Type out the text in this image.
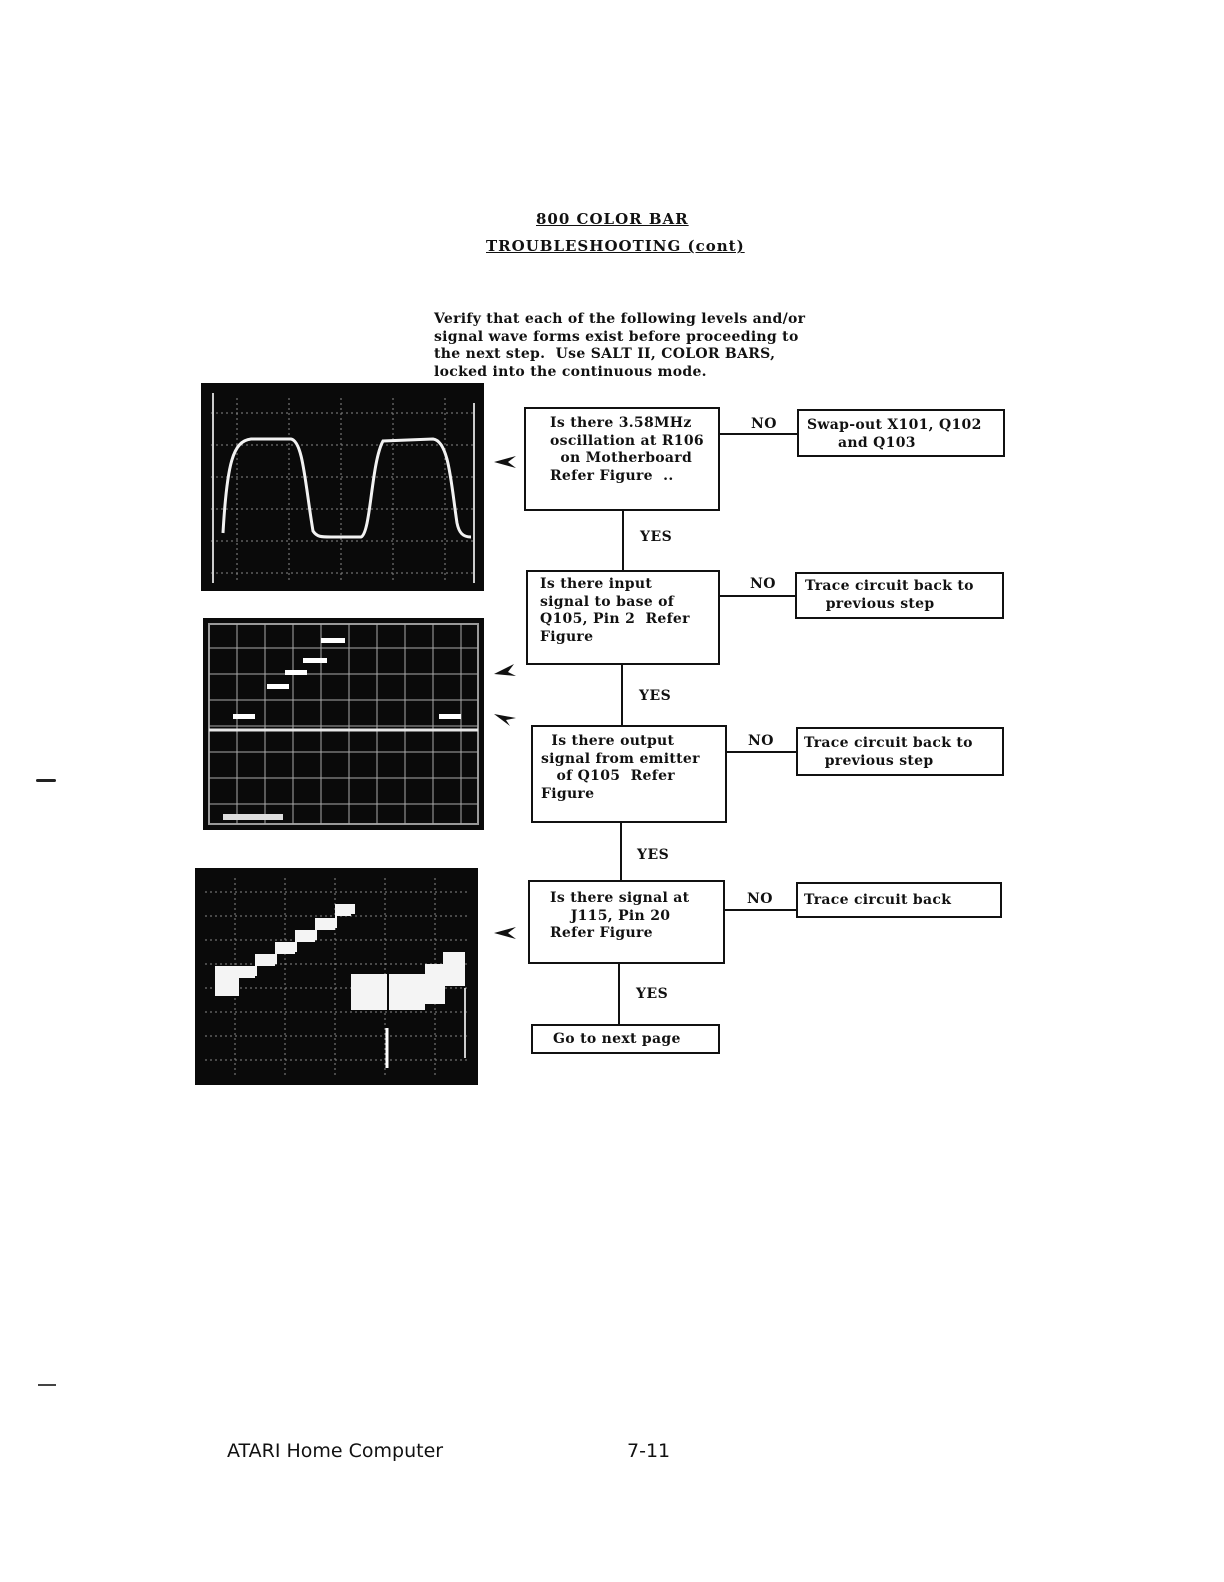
800 COLOR BAR
TROUBLESHOOTING (cont)
Verify that each of the following levels and/or
signal wave forms exist before proceeding to
the next step.  Use SALT II, COLOR BARS,
locked into the continuous mode.
Is there 3.58MHz
oscillation at R106
on Motherboard
Refer Figure  ..
NO Swap-out X101, Q102
and Q103
YES
Is there input
signal to base of
Q105, Pin 2  Refer
Figure
NO Trace circuit back to
previous step
YES
Is there output
signal from emitter
of Q105  Refer
Figure
NO Trace circuit back to
previous step
YES
Is there signal at
J115, Pin 20
Refer Figure
NO Trace circuit back
YES
Go to next page
ATARI Home Computer	7-11
